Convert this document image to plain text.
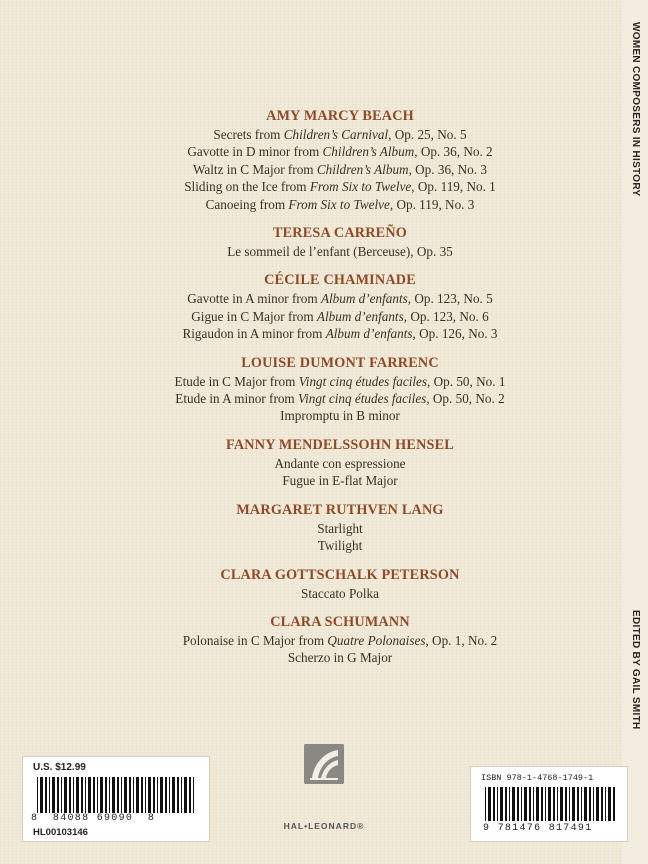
WOMEN COMPOSERS IN HISTORY
EDITED BY GAIL SMITH
AMY MARCY BEACH
Secrets from Children’s Carnival, Op. 25, No. 5
Gavotte in D minor from Children’s Album, Op. 36, No. 2
Waltz in C Major from Children’s Album, Op. 36, No. 3
Sliding on the Ice from From Six to Twelve, Op. 119, No. 1
Canoeing from From Six to Twelve, Op. 119, No. 3
TERESA CARREÑO
Le sommeil de l’enfant (Berceuse), Op. 35
CÉCILE CHAMINADE
Gavotte in A minor from Album d’enfants, Op. 123, No. 5
Gigue in C Major from Album d’enfants, Op. 123, No. 6
Rigaudon in A minor from Album d’enfants, Op. 126, No. 3
LOUISE DUMONT FARRENC
Etude in C Major from Vingt cinq études faciles, Op. 50, No. 1
Etude in A minor from Vingt cinq études faciles, Op. 50, No. 2
Impromptu in B minor
FANNY MENDELSSOHN HENSEL
Andante con espressione
Fugue in E-flat Major
MARGARET RUTHVEN LANG
Starlight
Twilight
CLARA GOTTSCHALK PETERSON
Staccato Polka
CLARA SCHUMANN
Polonaise in C Major from Quatre Polonaises, Op. 1, No. 2
Scherzo in G Major
U.S. $12.99
8  84088 69090  8
HL00103146
HAL•LEONARD®
ISBN 978-1-4768-1749-1
9 781476 817491
